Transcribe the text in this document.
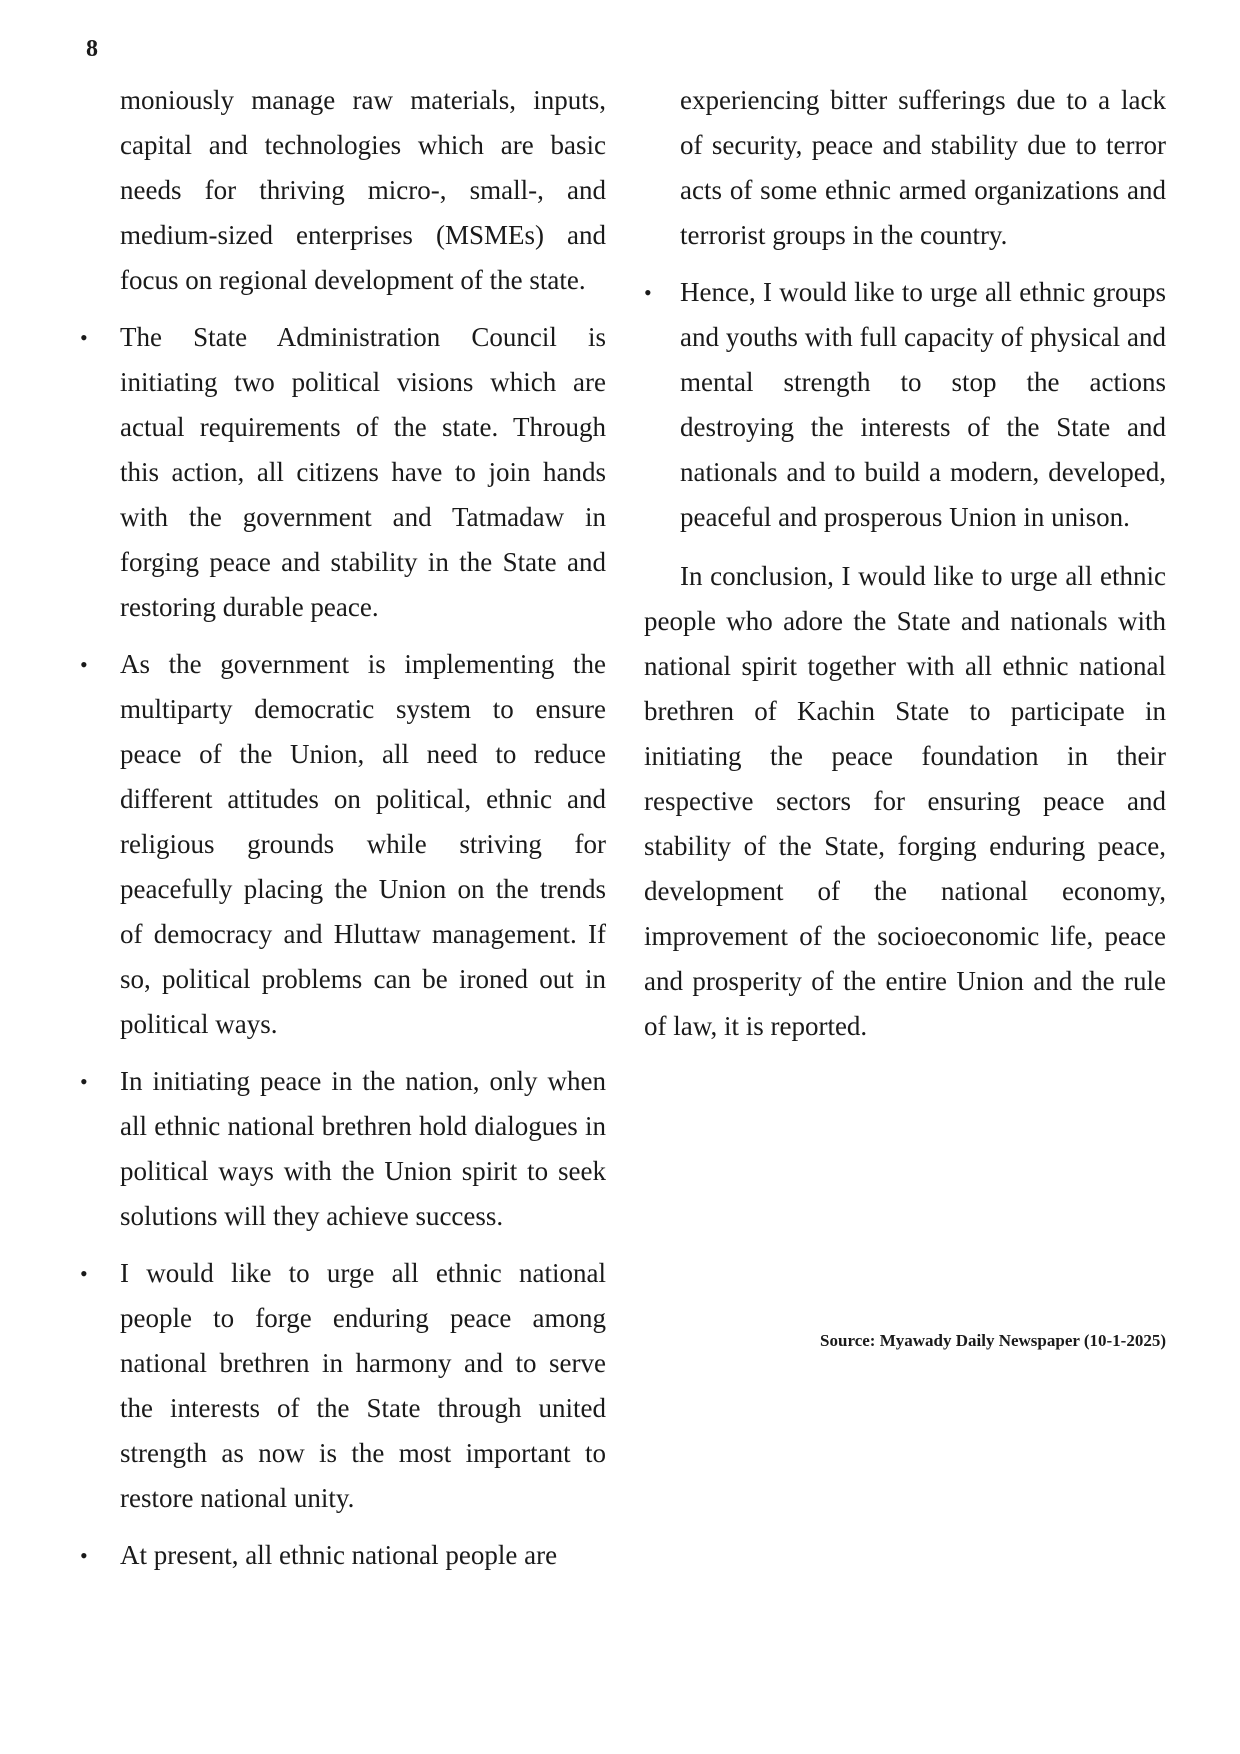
8

moniously manage raw materials, inputs, capital and technologies which are basic needs for thriving micro-, small-, and medium-sized enterprises (MSMEs) and focus on regional development of the state.

•	The State Administration Council is initiating two political visions which are actual requirements of the state. Through this action, all citizens have to join hands with the government and Tatmadaw in forging peace and stability in the State and restoring durable peace.
•	As the government is implementing the multiparty democratic system to ensure peace of the Union, all need to reduce different attitudes on political, ethnic and religious grounds while striving for peacefully placing the Union on the trends of democracy and Hluttaw management. If so, political problems can be ironed out in political ways.
•	In initiating peace in the nation, only when all ethnic national brethren hold dialogues in political ways with the Union spirit to seek solutions will they achieve success.
•	I would like to urge all ethnic national people to forge enduring peace among national brethren in harmony and to serve the interests of the State through united strength as now is the most important to restore national unity.
•	At present, all ethnic national people are

experiencing bitter sufferings due to a lack of security, peace and stability due to terror acts of some ethnic armed organizations and terrorist groups in the country.

•	Hence, I would like to urge all ethnic groups and youths with full capacity of physical and mental strength to stop the actions destroying the interests of the State and nationals and to build a modern, developed, peaceful and prosperous Union in unison.

In conclusion, I would like to urge all ethnic people who adore the State and nationals with national spirit together with all ethnic national brethren of Kachin State to participate in initiating the peace foundation in their respective sectors for ensuring peace and stability of the State, forging enduring peace, development of the national economy, improvement of the socioeconomic life, peace and prosperity of the entire Union and the rule of law, it is reported.

Source: Myawady Daily Newspaper (10-1-2025)
